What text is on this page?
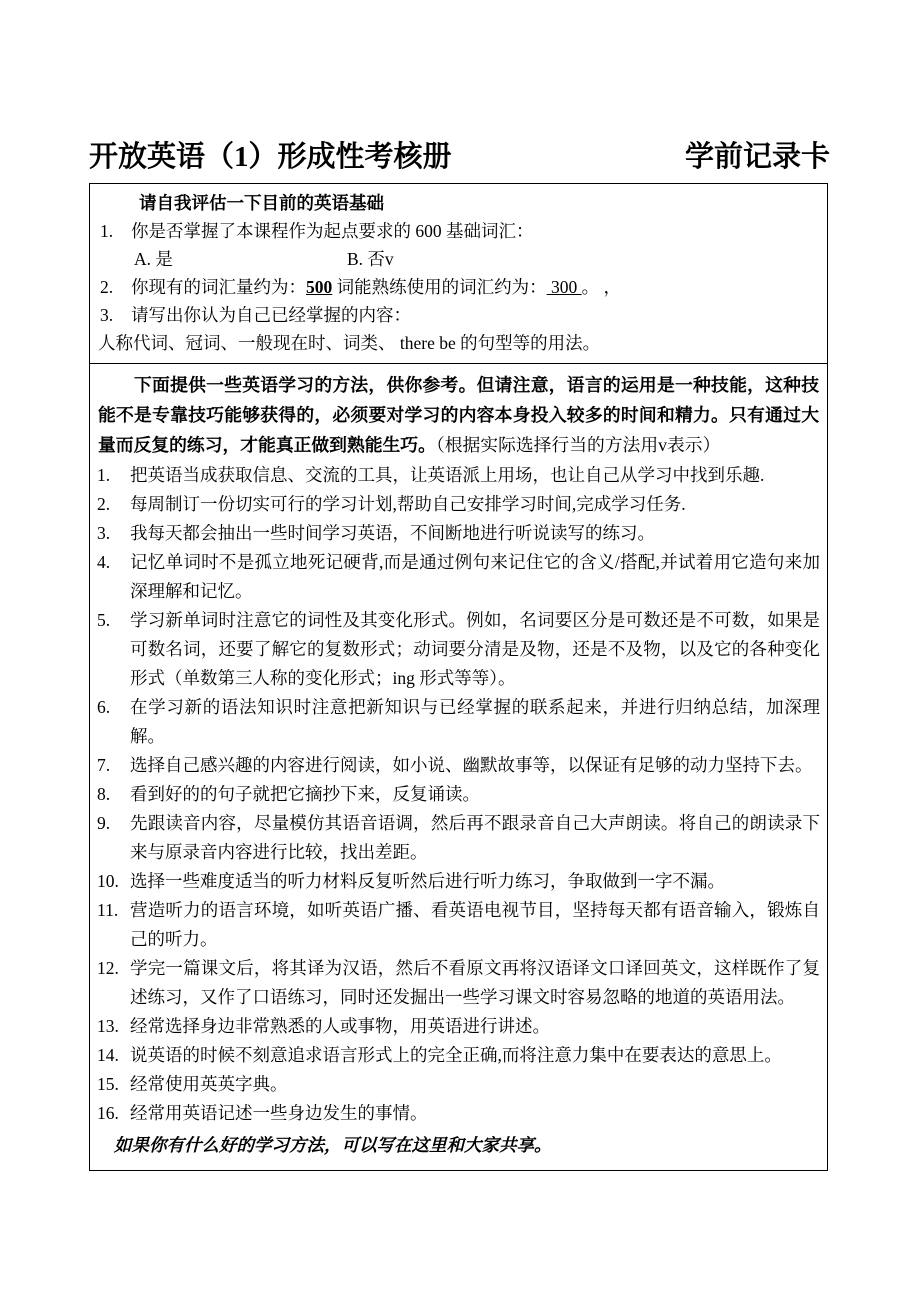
开放英语（1）形成性考核册	学前记录卡
请自我评估一下目前的英语基础
1.	你是否掌握了本课程作为起点要求的 600 基础词汇：
A. 是	B. 否v
2.	你现有的词汇量约为：500 词能熟练使用的词汇约为： 300 。 ，
3.	请写出你认为自己已经掌握的内容：
人称代词、冠词、一般现在时、词类、 there be 的句型等的用法。
下面提供一些英语学习的方法，供你参考。但请注意，语言的运用是一种技能，这种技能不是专靠技巧能够获得的，必须要对学习的内容本身投入较多的时间和精力。只有通过大量而反复的练习，才能真正做到熟能生巧。（根据实际选择行当的方法用v表示）
1.	把英语当成获取信息、交流的工具，让英语派上用场，也让自己从学习中找到乐趣.
2.	每周制订一份切实可行的学习计划,帮助自己安排学习时间,完成学习任务.
3.	我每天都会抽出一些时间学习英语，不间断地进行听说读写的练习。
4.	记忆单词时不是孤立地死记硬背,而是通过例句来记住它的含义/搭配,并试着用它造句来加深理解和记忆。
5.	学习新单词时注意它的词性及其变化形式。例如，名词要区分是可数还是不可数，如果是可数名词，还要了解它的复数形式；动词要分清是及物，还是不及物，以及它的各种变化形式（单数第三人称的变化形式；ing 形式等等）。
6.	在学习新的语法知识时注意把新知识与已经掌握的联系起来，并进行归纳总结，加深理解。
7.	选择自己感兴趣的内容进行阅读，如小说、幽默故事等，以保证有足够的动力坚持下去。
8.	看到好的的句子就把它摘抄下来，反复诵读。
9.	先跟读音内容，尽量模仿其语音语调，然后再不跟录音自己大声朗读。将自己的朗读录下来与原录音内容进行比较，找出差距。
10. 选择一些难度适当的听力材料反复听然后进行听力练习，争取做到一字不漏。
11. 营造听力的语言环境，如听英语广播、看英语电视节目，坚持每天都有语音输入，锻炼自己的听力。
12. 学完一篇课文后，将其译为汉语，然后不看原文再将汉语译文口译回英文，这样既作了复述练习，又作了口语练习，同时还发掘出一些学习课文时容易忽略的地道的英语用法。
13. 经常选择身边非常熟悉的人或事物，用英语进行讲述。
14. 说英语的时候不刻意追求语言形式上的完全正确,而将注意力集中在要表达的意思上。
15. 经常使用英英字典。
16. 经常用英语记述一些身边发生的事情。
如果你有什么好的学习方法，可以写在这里和大家共享。
